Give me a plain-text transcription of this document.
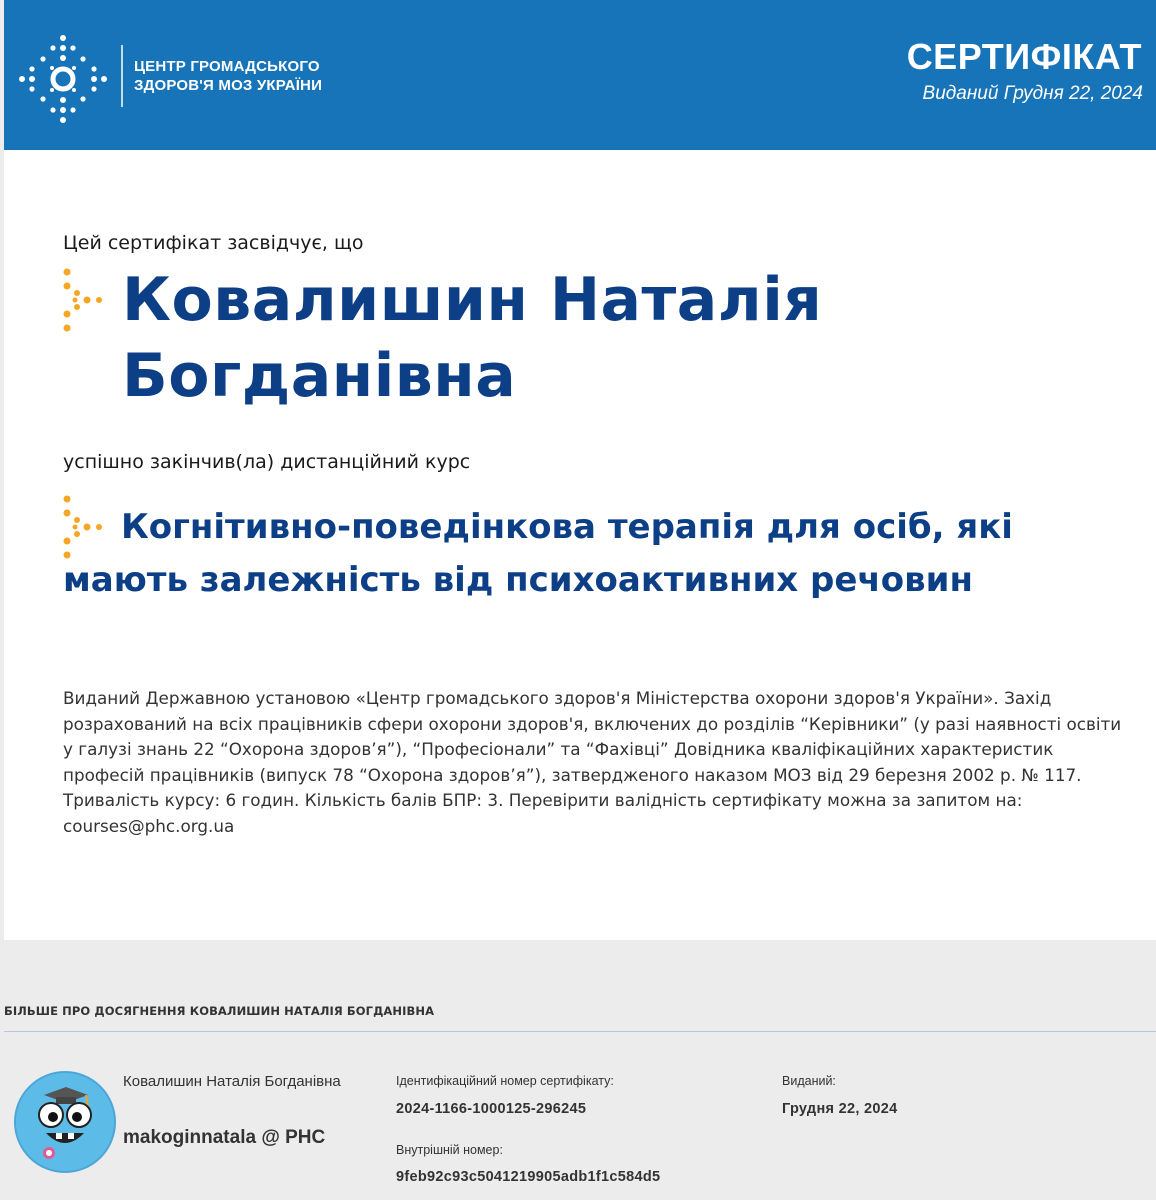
ЦЕНТР ГРОМАДСЬКОГО
ЗДОРОВ'Я МОЗ УКРАЇНИ
СЕРТИФІКАТ
Виданий Грудня 22, 2024
Цей сертифікат засвідчує, що
Ковалишин Наталія
Богданівна
успішно закінчив(ла) дистанційний курс
Когнітивно-поведінкова терапія для осіб, які мають залежність від психоактивних речовин
Виданий Державною установою «Центр громадського здоров'я Міністерства охорони здоров'я України». Захід розрахований на всіх працівників сфери охорони здоров'я, включених до розділів “Керівники” (у разі наявності освіти у галузі знань 22 “Охорона здоров’я”), “Професіонали” та “Фахівці” Довідника кваліфікаційних характеристик професій працівників (випуск 78 “Охорона здоров’я”), затвердженого наказом МОЗ від 29 березня 2002 р. № 117. Тривалість курсу: 6 годин. Кількість балів БПР: 3. Перевірити валідність сертифікату можна за запитом на: courses@phc.org.ua
БІЛЬШЕ ПРО ДОСЯГНЕННЯ КОВАЛИШИН НАТАЛІЯ БОГДАНІВНА
Ковалишин Наталія Богданівна
makoginnatala @ PHC
Ідентифікаційний номер сертифікату:
2024-1166-1000125-296245
Внутрішній номер:
9feb92c93c5041219905adb1f1c584d5
Виданий:
Грудня 22, 2024
